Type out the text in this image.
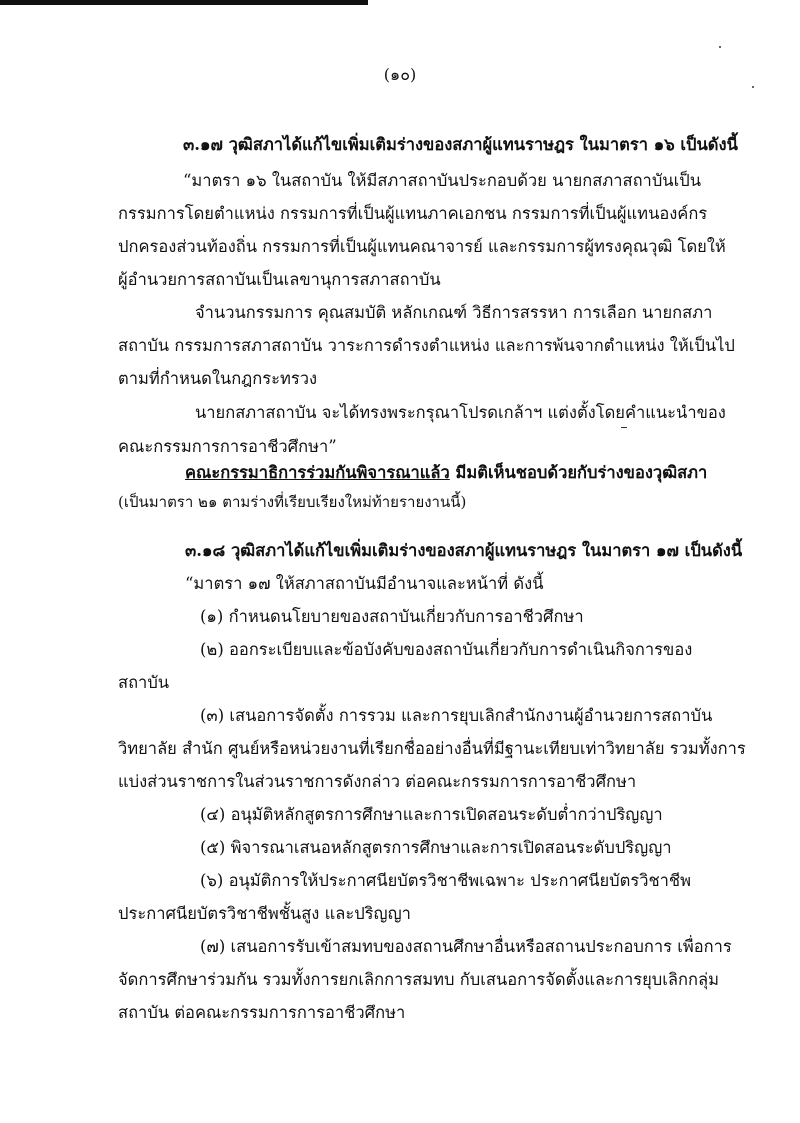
(๑๐)
๓.๑๗ วุฒิสภาได้แก้ไขเพิ่มเติมร่างของสภาผู้แทนราษฎร ในมาตรา ๑๖ เป็นดังนี้
“มาตรา ๑๖ ในสถาบัน ให้มีสภาสถาบันประกอบด้วย นายกสภาสถาบันเป็น
กรรมการโดยตำแหน่ง กรรมการที่เป็นผู้แทนภาคเอกชน กรรมการที่เป็นผู้แทนองค์กร
ปกครองส่วนท้องถิ่น กรรมการที่เป็นผู้แทนคณาจารย์ และกรรมการผู้ทรงคุณวุฒิ โดยให้
ผู้อำนวยการสถาบันเป็นเลขานุการสภาสถาบัน
จำนวนกรรมการ คุณสมบัติ หลักเกณฑ์ วิธีการสรรหา การเลือก นายกสภา
สถาบัน กรรมการสภาสถาบัน วาระการดำรงตำแหน่ง และการพ้นจากตำแหน่ง ให้เป็นไป
ตามที่กำหนดในกฎกระทรวง
นายกสภาสถาบัน จะได้ทรงพระกรุณาโปรดเกล้าฯ แต่งตั้งโดยคำแนะนำของ
คณะกรรมการการอาชีวศึกษา”
คณะกรรมาธิการร่วมกันพิจารณาแล้ว มีมติเห็นชอบด้วยกับร่างของวุฒิสภา
(เป็นมาตรา ๒๑ ตามร่างที่เรียบเรียงใหม่ท้ายรายงานนี้)
๓.๑๘ วุฒิสภาได้แก้ไขเพิ่มเติมร่างของสภาผู้แทนราษฎร ในมาตรา ๑๗ เป็นดังนี้
“มาตรา ๑๗ ให้สภาสถาบันมีอำนาจและหน้าที่ ดังนี้
(๑) กำหนดนโยบายของสถาบันเกี่ยวกับการอาชีวศึกษา
(๒) ออกระเบียบและข้อบังคับของสถาบันเกี่ยวกับการดำเนินกิจการของ
สถาบัน
(๓) เสนอการจัดตั้ง การรวม และการยุบเลิกสำนักงานผู้อำนวยการสถาบัน
วิทยาลัย สำนัก ศูนย์หรือหน่วยงานที่เรียกชื่ออย่างอื่นที่มีฐานะเทียบเท่าวิทยาลัย รวมทั้งการ
แบ่งส่วนราชการในส่วนราชการดังกล่าว ต่อคณะกรรมการการอาชีวศึกษา
(๔) อนุมัติหลักสูตรการศึกษาและการเปิดสอนระดับต่ำกว่าปริญญา
(๕) พิจารณาเสนอหลักสูตรการศึกษาและการเปิดสอนระดับปริญญา
(๖) อนุมัติการให้ประกาศนียบัตรวิชาชีพเฉพาะ ประกาศนียบัตรวิชาชีพ
ประกาศนียบัตรวิชาชีพชั้นสูง และปริญญา
(๗) เสนอการรับเข้าสมทบของสถานศึกษาอื่นหรือสถานประกอบการ เพื่อการ
จัดการศึกษาร่วมกัน รวมทั้งการยกเลิกการสมทบ กับเสนอการจัดตั้งและการยุบเลิกกลุ่ม
สถาบัน ต่อคณะกรรมการการอาชีวศึกษา
